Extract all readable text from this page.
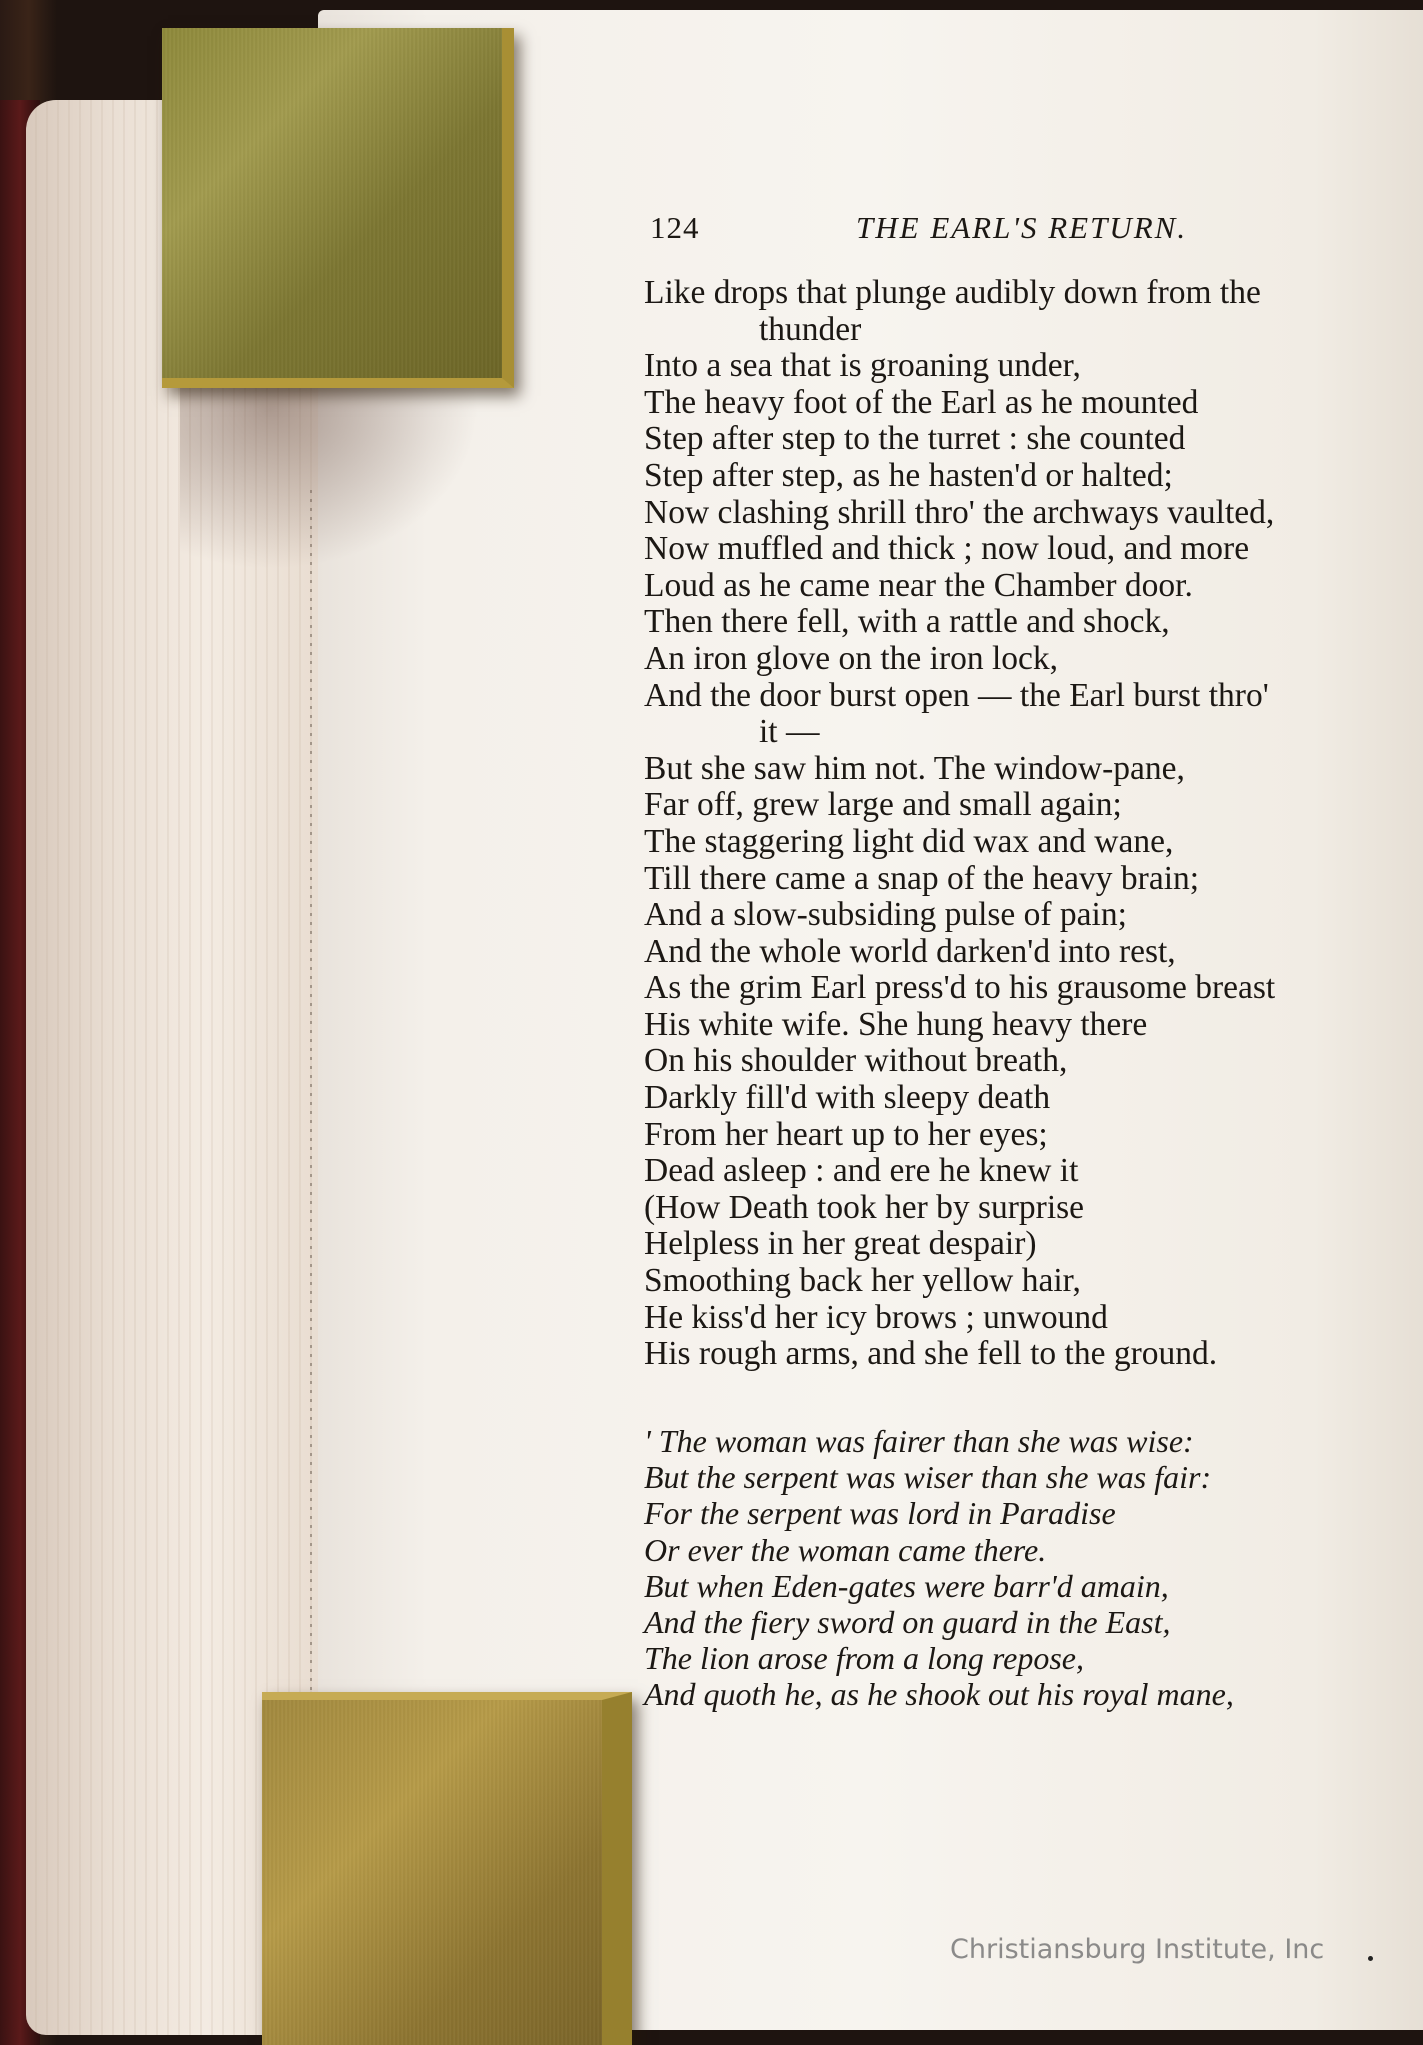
124	THE EARL'S RETURN.
Like drops that plunge audibly down from the
thunder
Into a sea that is groaning under,
The heavy foot of the Earl as he mounted
Step after step to the turret : she counted
Step after step, as he hasten'd or halted;
Now clashing shrill thro' the archways vaulted,
Now muffled and thick ; now loud, and more
Loud as he came near the Chamber door.
Then there fell, with a rattle and shock,
An iron glove on the iron lock,
And the door burst open — the Earl burst thro'
it —
But she saw him not. The window-pane,
Far off, grew large and small again;
The staggering light did wax and wane,
Till there came a snap of the heavy brain;
And a slow-subsiding pulse of pain;
And the whole world darken'd into rest,
As the grim Earl press'd to his grausome breast
His white wife. She hung heavy there
On his shoulder without breath,
Darkly fill'd with sleepy death
From her heart up to her eyes;
Dead asleep : and ere he knew it
(How Death took her by surprise
Helpless in her great despair)
Smoothing back her yellow hair,
He kiss'd her icy brows ; unwound
His rough arms, and she fell to the ground.
' The woman was fairer than she was wise:
But the serpent was wiser than she was fair:
For the serpent was lord in Paradise
Or ever the woman came there.
But when Eden-gates were barr'd amain,
And the fiery sword on guard in the East,
The lion arose from a long repose,
And quoth he, as he shook out his royal mane,
Christiansburg Institute, Inc
